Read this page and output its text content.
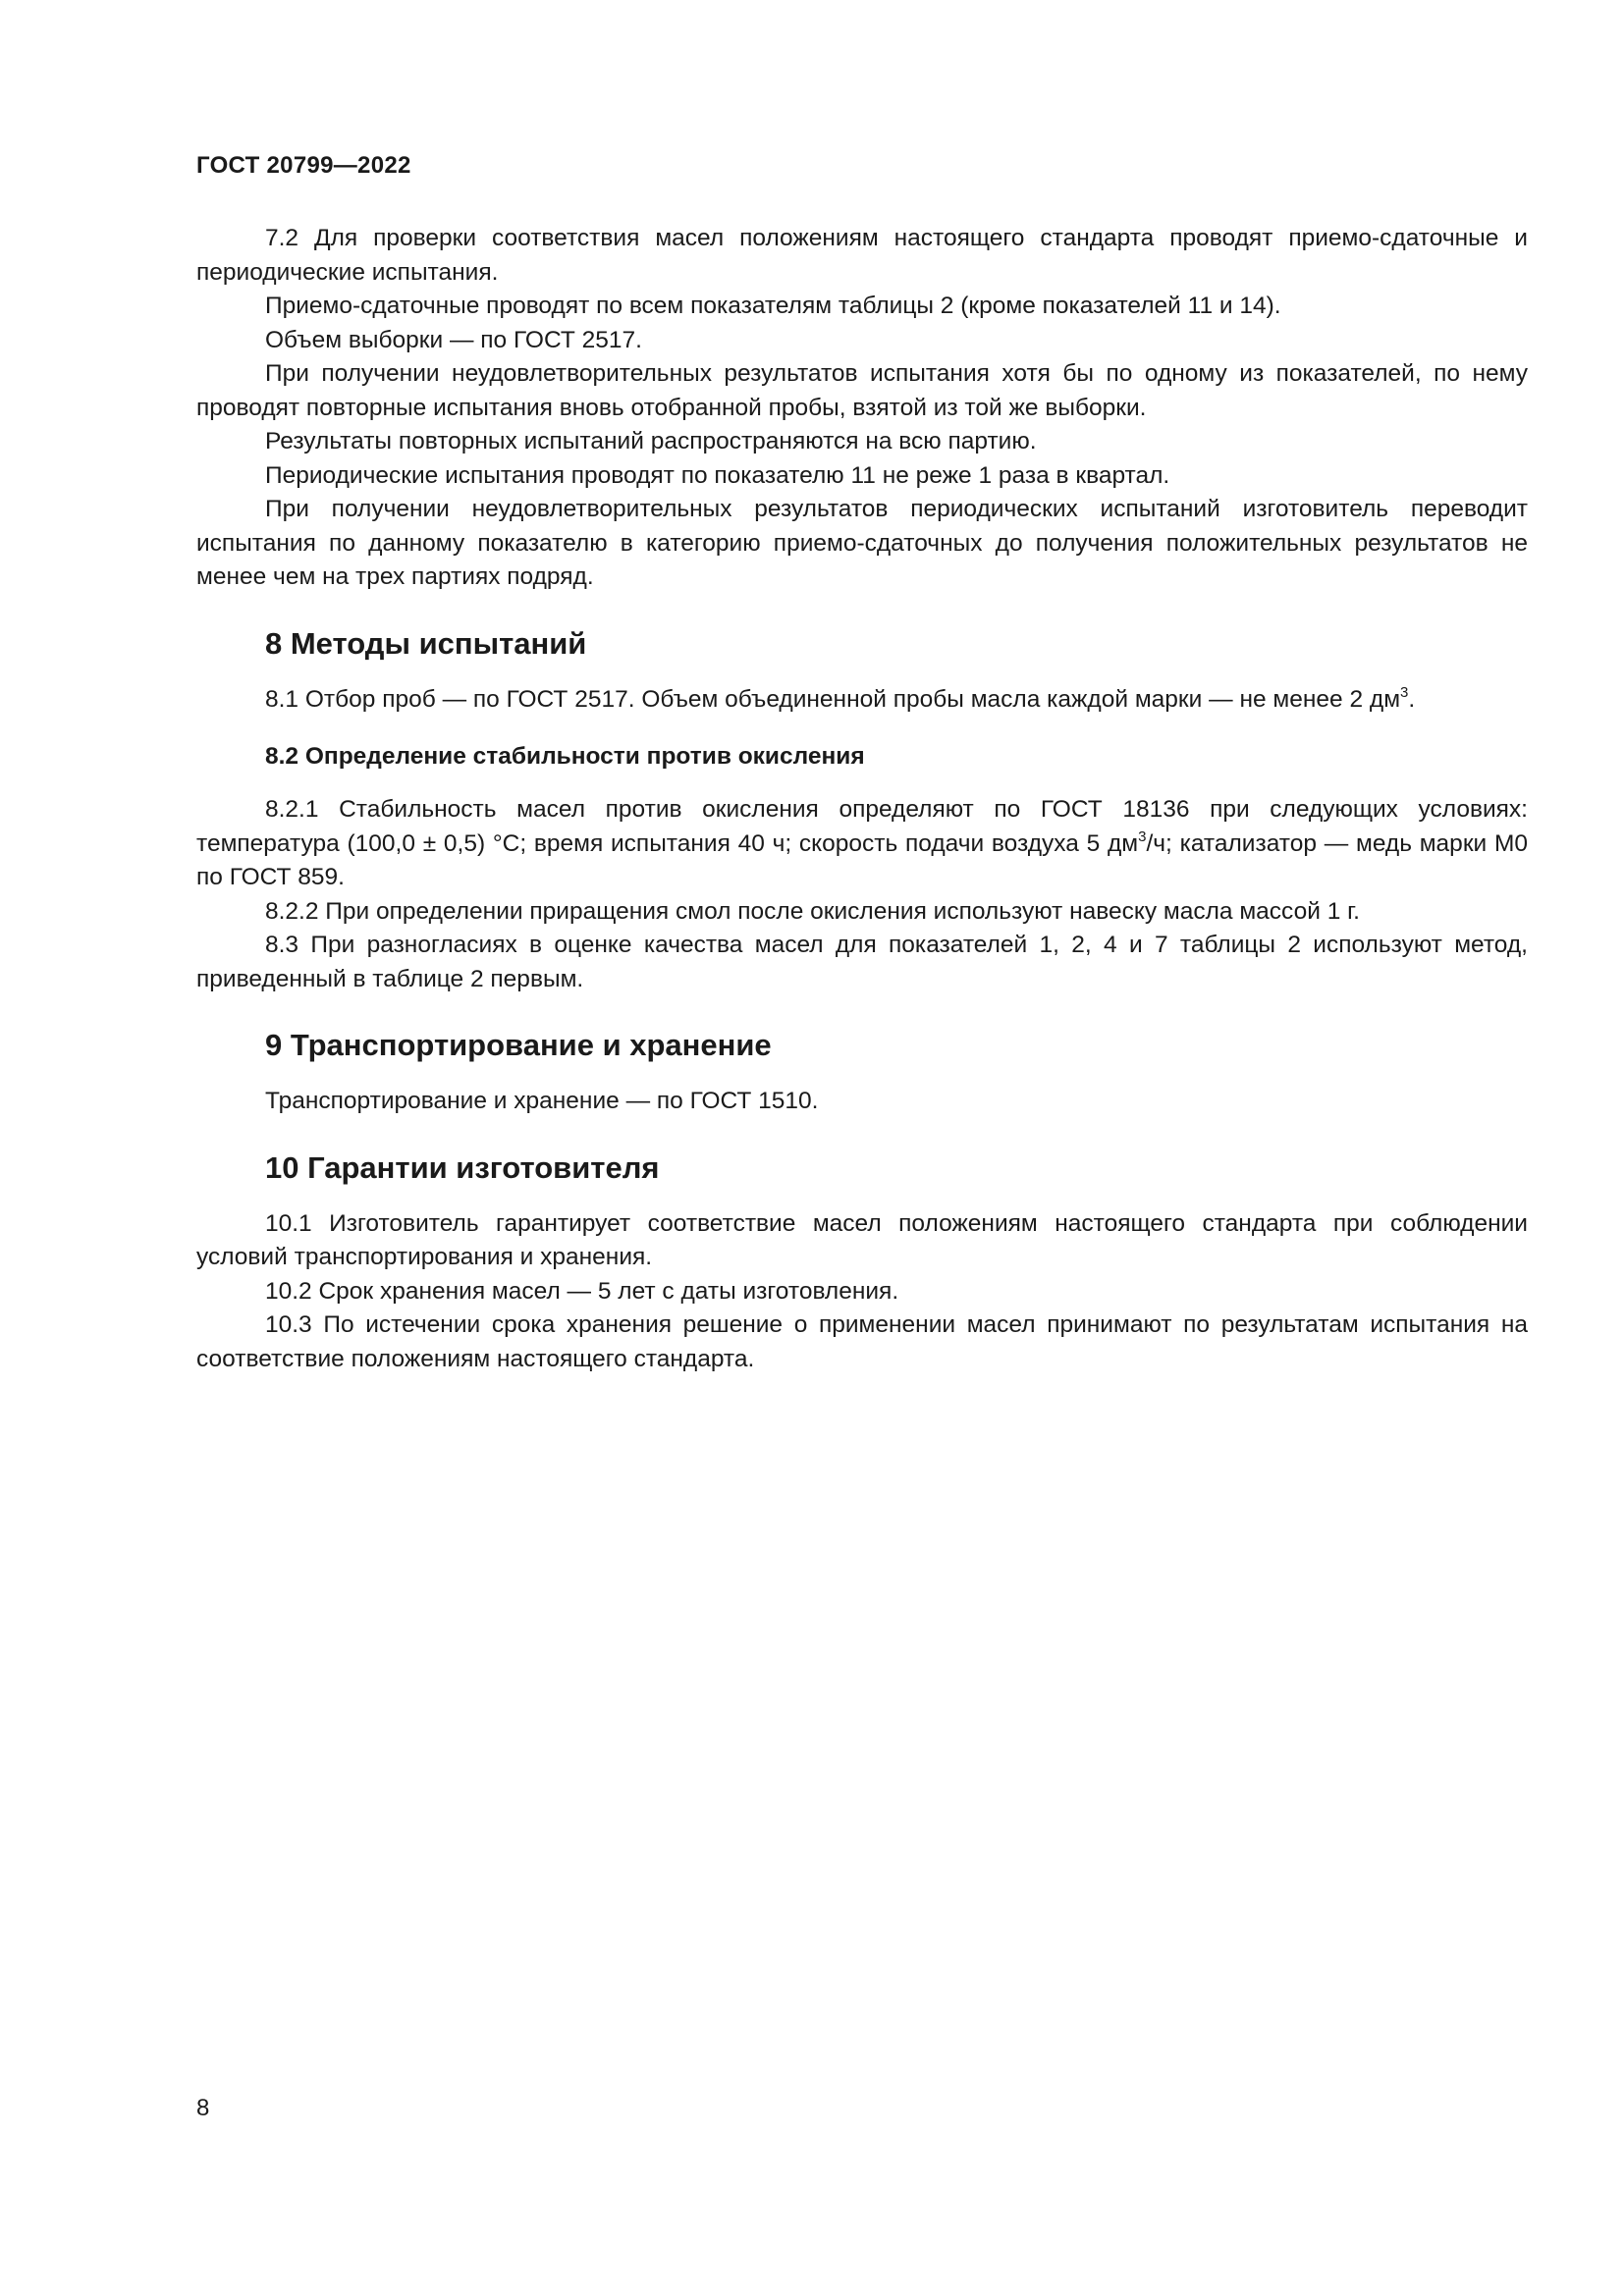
ГОСТ 20799—2022

7.2 Для проверки соответствия масел положениям настоящего стандарта проводят приемо-сдаточные и периодические испытания.

Приемо-сдаточные проводят по всем показателям таблицы 2 (кроме показателей 11 и 14).

Объем выборки — по ГОСТ 2517.

При получении неудовлетворительных результатов испытания хотя бы по одному из показателей, по нему проводят повторные испытания вновь отобранной пробы, взятой из той же выборки.

Результаты повторных испытаний распространяются на всю партию.

Периодические испытания проводят по показателю 11 не реже 1 раза в квартал.

При получении неудовлетворительных результатов периодических испытаний изготовитель переводит испытания по данному показателю в категорию приемо-сдаточных до получения положительных результатов не менее чем на трех партиях подряд.

8 Методы испытаний

8.1 Отбор проб — по ГОСТ 2517. Объем объединенной пробы масла каждой марки — не менее 2 $дм^3$.

8.2 Определение стабильности против окисления

8.2.1 Стабильность масел против окисления определяют по ГОСТ 18136 при следующих условиях: температура (100,0 ± 0,5) °С; время испытания 40 ч; скорость подачи воздуха 5 $дм^3/ч$; катализатор — медь марки М0 по ГОСТ 859.

8.2.2 При определении приращения смол после окисления используют навеску масла массой 1 г.

8.3 При разногласиях в оценке качества масел для показателей 1, 2, 4 и 7 таблицы 2 используют метод, приведенный в таблице 2 первым.

9 Транспортирование и хранение

Транспортирование и хранение — по ГОСТ 1510.

10 Гарантии изготовителя

10.1 Изготовитель гарантирует соответствие масел положениям настоящего стандарта при соблюдении условий транспортирования и хранения.

10.2 Срок хранения масел — 5 лет с даты изготовления.

10.3 По истечении срока хранения решение о применении масел принимают по результатам испытания на соответствие положениям настоящего стандарта.

8
